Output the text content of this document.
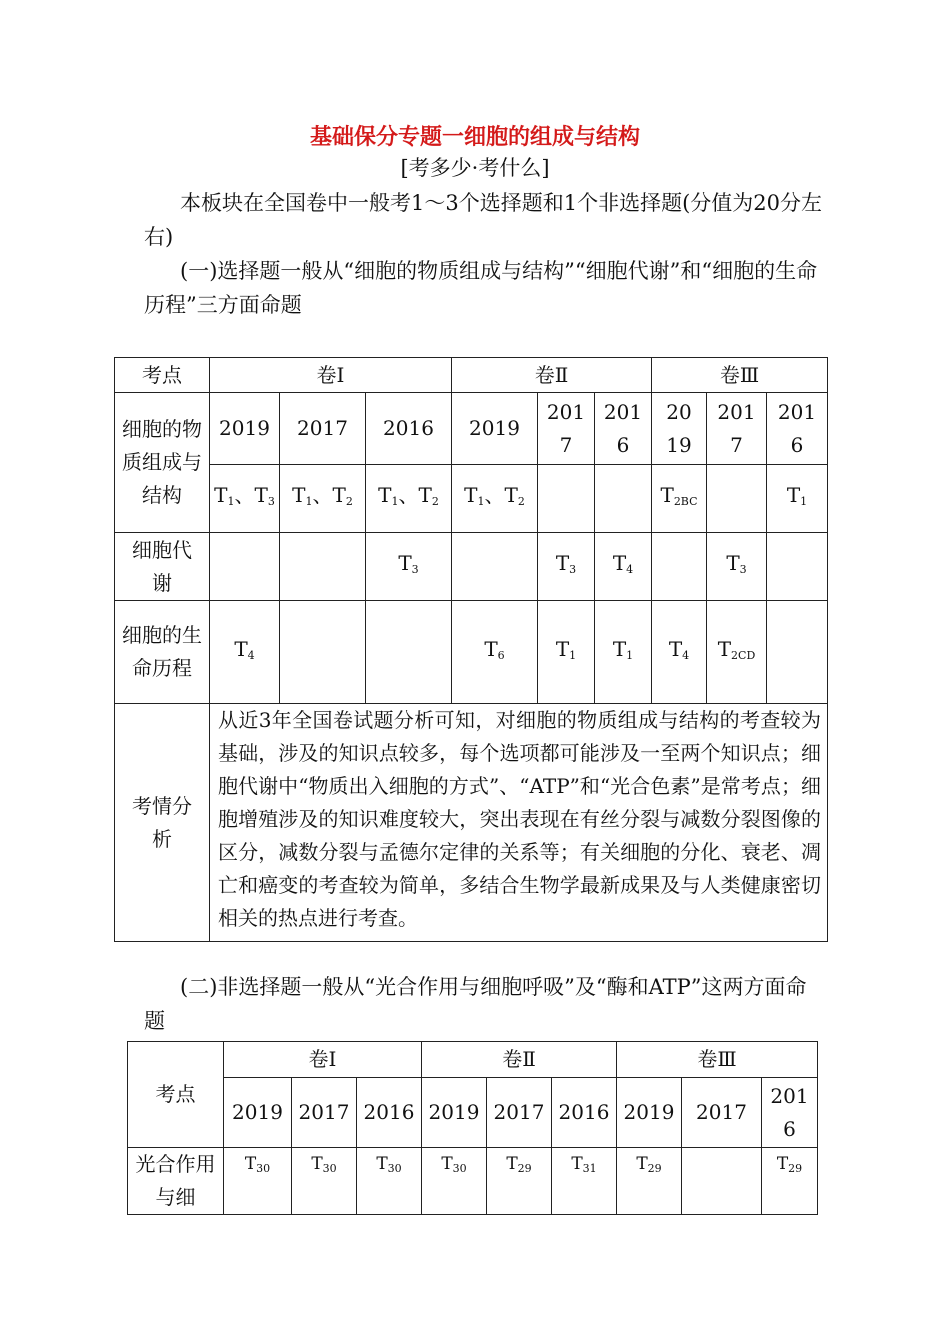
基础保分专题一细胞的组成与结构
[考多少·考什么]
本板块在全国卷中一般考1～3个选择题和1个非选择题(分值为20分左右)
(一)选择题一般从“细胞的物质组成与结构”“细胞代谢”和“细胞的生命历程”三方面命题
考点	卷Ⅰ			卷Ⅱ			卷Ⅲ		
细胞的物质组成与结构	2019	2017	2016	2019	2017	2016	2019	2017	2016
	$T_1$、$T_3$	$T_1$、$T_2$	$T_1$、$T_2$	$T_1$、$T_2$			$T_{2BC}$		$T_1$
细胞代谢			$T_3$		$T_3$	$T_4$		$T_3$	
细胞的生命历程	$T_4$			$T_6$	$T_1$	$T_1$	$T_4$	$T_{2CD}$	
考情分析	从近3年全国卷试题分析可知，对细胞的物质组成与结构的考查较为基础，涉及的知识点较多，每个选项都可能涉及一至两个知识点；细胞代谢中“物质出入细胞的方式”、“ATP”和“光合色素”是常考点；细胞增殖涉及的知识难度较大，突出表现在有丝分裂与减数分裂图像的区分，减数分裂与孟德尔定律的关系等；有关细胞的分化、衰老、凋亡和癌变的考查较为简单，多结合生物学最新成果及与人类健康密切相关的热点进行考查。								
(二)非选择题一般从“光合作用与细胞呼吸”及“酶和ATP”这两方面命题
考点	卷Ⅰ			卷Ⅱ			卷Ⅲ		
	2019	2017	2016	2019	2017	2016	2019	2017	2016
光合作用与细	$T_{30}$	$T_{30}$	$T_{30}$	$T_{30}$	$T_{29}$	$T_{31}$	$T_{29}$		$T_{29}$
